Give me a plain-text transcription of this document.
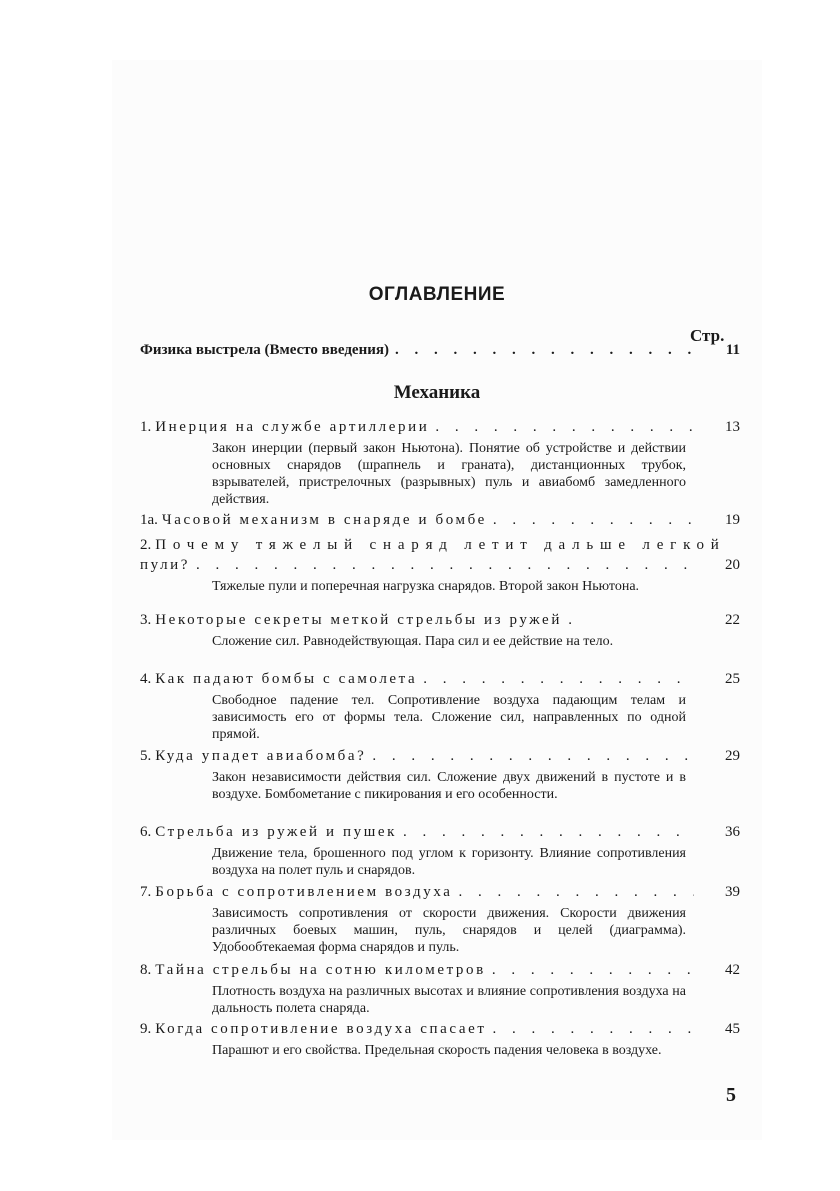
ОГЛАВЛЕНИЕ
Стр.
Физика выстрела (Вместо введения) . . .	11
Механика
1. Инерция на службе артиллерии . . .	13
Закон инерции (первый закон Ньютона). Понятие об устройстве и действии основных снарядов (шрапнель и граната), дистанционных трубок, взрывателей, пристрелочных (разрывных) пуль и авиабомб замедленного действия.
1а. Часовой механизм в снаряде и бомбе . . .	19
2. Почему тяжелый снаряд летит дальше легкой
пули? . . .	20
Тяжелые пули и поперечная нагрузка снарядов. Второй закон Ньютона.
3. Некоторые секреты меткой стрельбы из ружей .	22
Сложение сил. Равнодействующая. Пара сил и ее действие на тело.
4. Как падают бомбы с самолета . . .	25
Свободное падение тел. Сопротивление воздуха падающим телам и зависимость его от формы тела. Сложение сил, направленных по одной прямой.
5. Куда упадет авиабомба? . . .	29
Закон независимости действия сил. Сложение двух движений в пустоте и в воздухе. Бомбометание с пикирования и его особенности.
6. Стрельба из ружей и пушек . . .	36
Движение тела, брошенного под углом к горизонту. Влияние сопротивления воздуха на полет пуль и снарядов.
7. Борьба с сопротивлением воздуха . . .	39
Зависимость сопротивления от скорости движения. Скорости движения различных боевых машин, пуль, снарядов и целей (диаграмма). Удобообтекаемая форма снарядов и пуль.
8. Тайна стрельбы на сотню километров . . .	42
Плотность воздуха на различных высотах и влияние сопротивления воздуха на дальность полета снаряда.
9. Когда сопротивление воздуха спасает . . .	45
Парашют и его свойства. Предельная скорость падения человека в воздухе.
5
